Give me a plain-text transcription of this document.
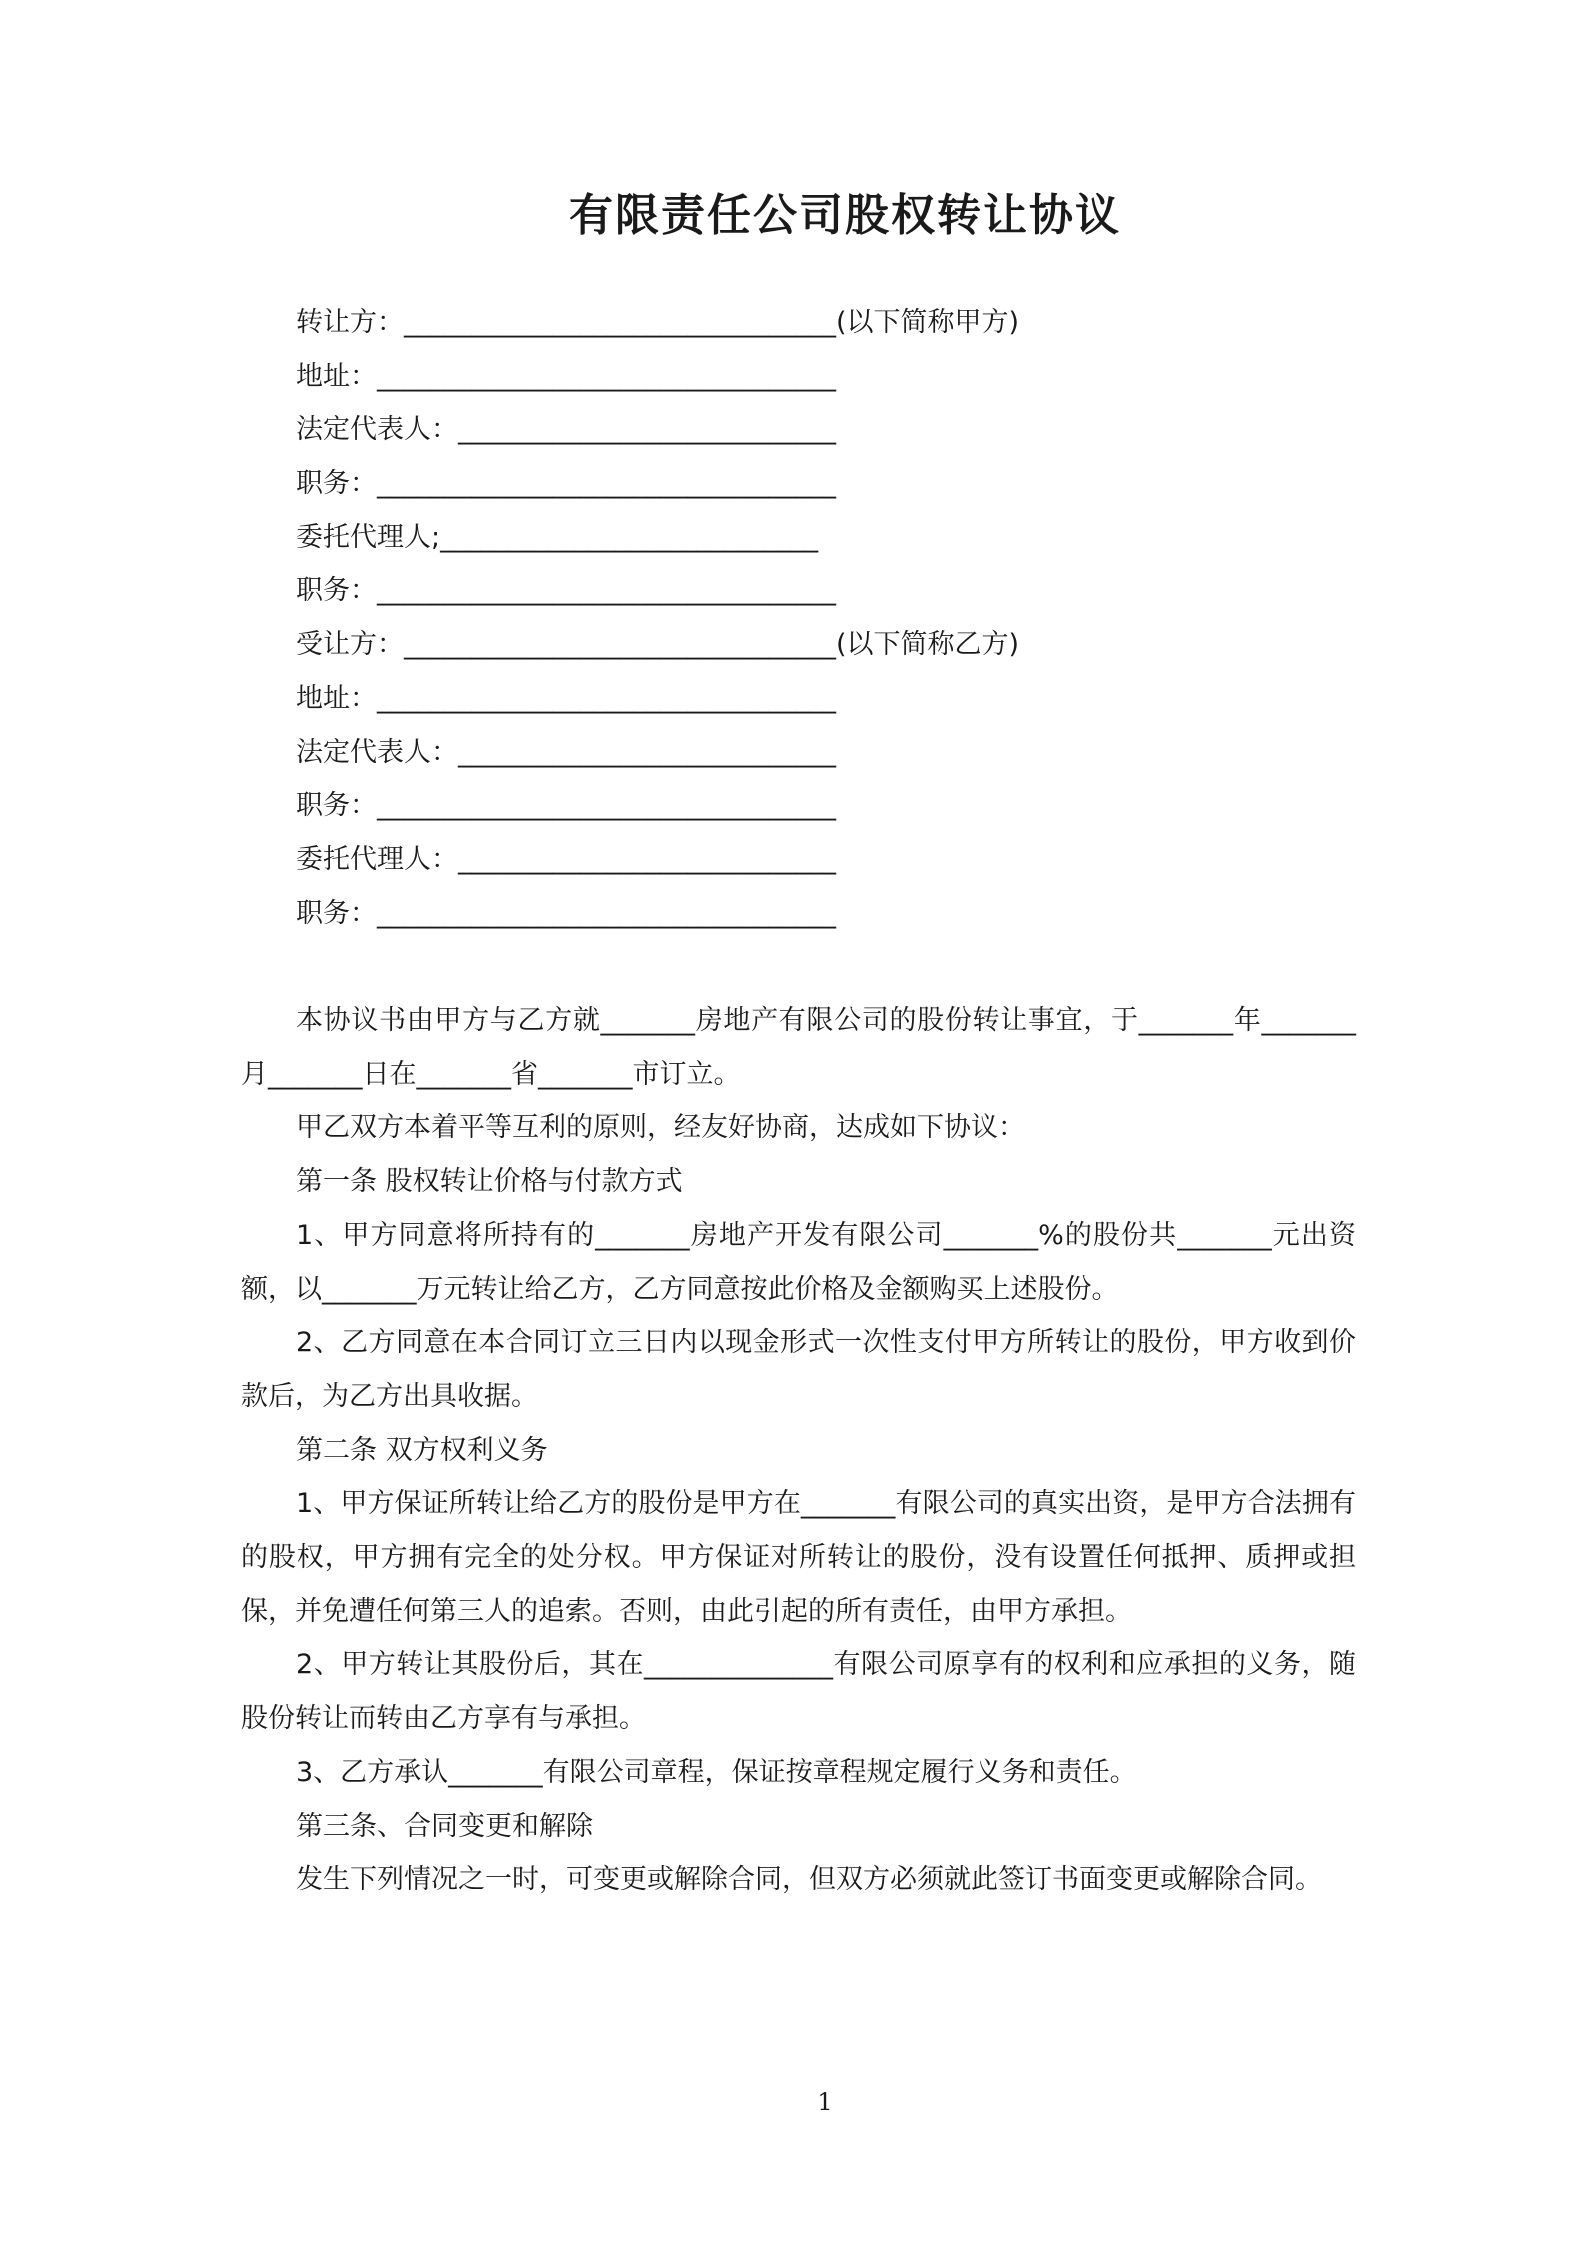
有限责任公司股权转让协议
转让方：________________________________(以下简称甲方)
地址：__________________________________
法定代表人：____________________________
职务：__________________________________
委托代理人;____________________________
职务：__________________________________
受让方：________________________________(以下简称乙方)
地址：__________________________________
法定代表人：____________________________
职务：__________________________________
委托代理人：____________________________
职务：__________________________________

本协议书由甲方与乙方就_______房地产有限公司的股份转让事宜，于_______年_______月_______日在_______省_______市订立。

甲乙双方本着平等互利的原则，经友好协商，达成如下协议：

第一条 股权转让价格与付款方式

1、甲方同意将所持有的_______房地产开发有限公司_______%的股份共_______元出资额，以_______万元转让给乙方，乙方同意按此价格及金额购买上述股份。

2、乙方同意在本合同订立三日内以现金形式一次性支付甲方所转让的股份，甲方收到价款后，为乙方出具收据。

第二条 双方权利义务

1、甲方保证所转让给乙方的股份是甲方在_______有限公司的真实出资，是甲方合法拥有的股权，甲方拥有完全的处分权。甲方保证对所转让的股份，没有设置任何抵押、质押或担保，并免遭任何第三人的追索。否则，由此引起的所有责任，由甲方承担。

2、甲方转让其股份后，其在______________有限公司原享有的权利和应承担的义务，随股份转让而转由乙方享有与承担。

3、乙方承认_______有限公司章程，保证按章程规定履行义务和责任。

第三条、合同变更和解除

发生下列情况之一时，可变更或解除合同，但双方必须就此签订书面变更或解除合同。

1
